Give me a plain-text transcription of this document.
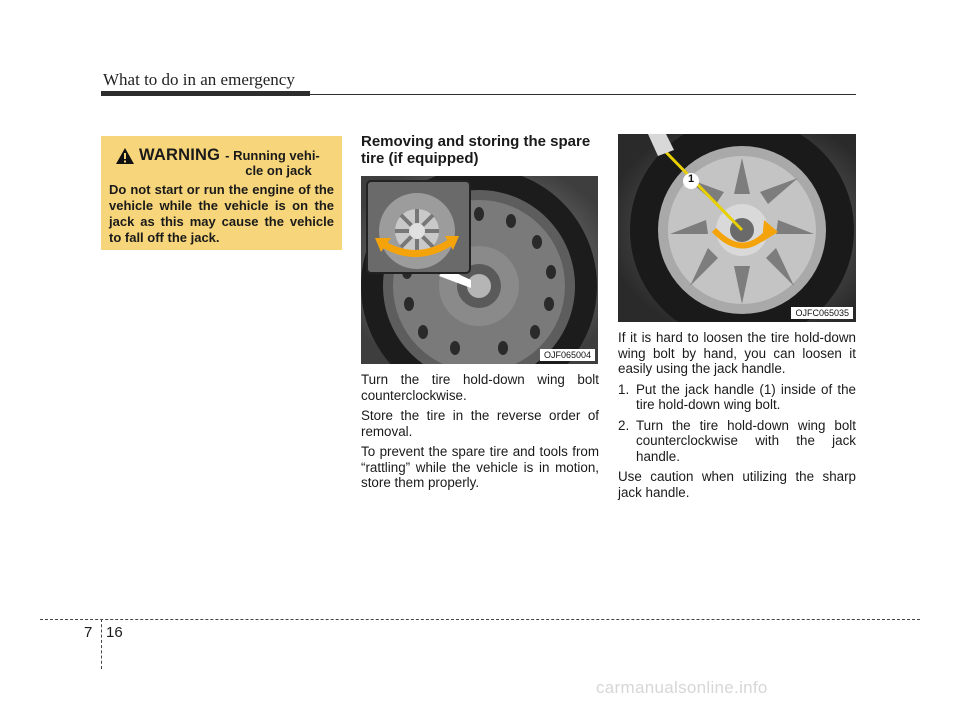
What to do in an emergency
WARNING - Running vehi-
cle on jack
Do not start or run the engine of the vehicle while the vehicle is on the jack as this may cause the vehicle to fall off the jack.
Removing and storing the spare tire (if equipped)
OJF065004
1
OJFC065035

Turn the tire hold-down wing bolt counterclockwise.

Store the tire in the reverse order of removal.

To prevent the spare tire and tools from “rattling” while the vehicle is in motion, store them properly.

If it is hard to loosen the tire hold-down wing bolt by hand, you can loosen it easily using the jack handle.

1. Put the jack handle (1) inside of the tire hold-down wing bolt.
2. Turn the tire hold-down wing bolt counterclockwise with the jack handle.

Use caution when utilizing the sharp jack handle.

7 16
carmanualsonline.info
